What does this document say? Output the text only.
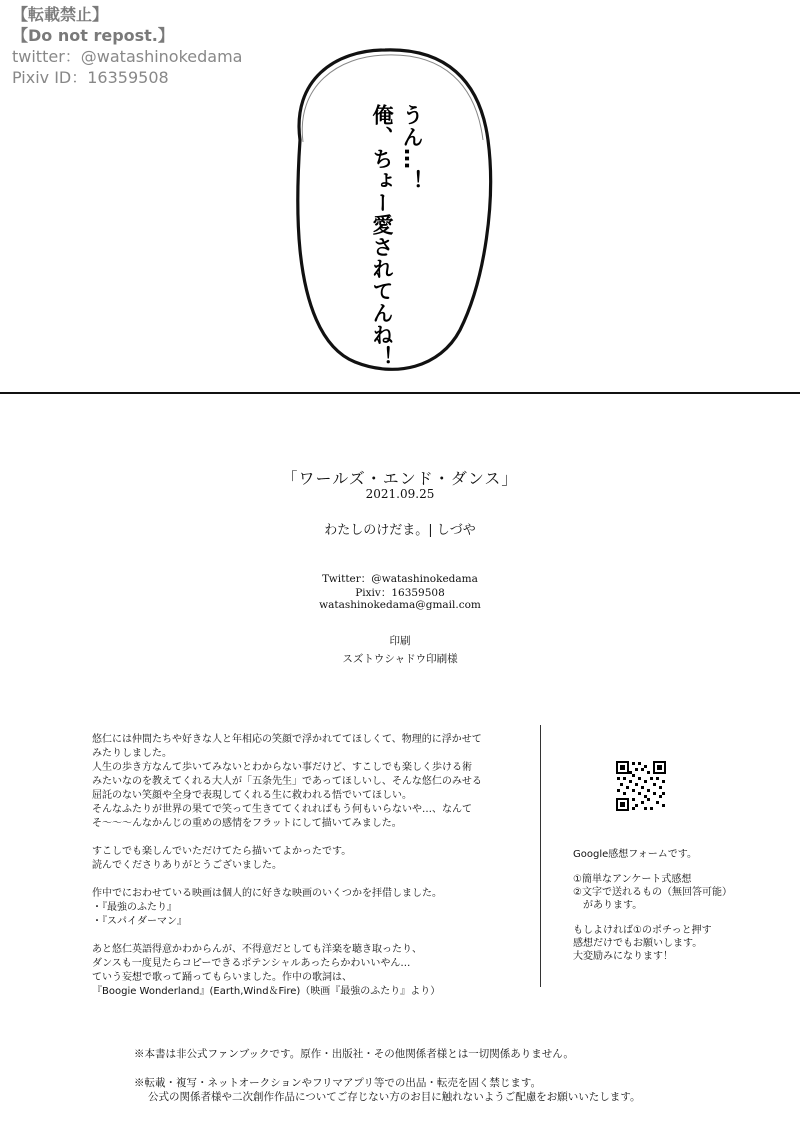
うん…！
俺、ちょー愛されてんね！
【転載禁止】
【Do not repost.】
twitter：@watashinokedama
Pixiv ID：16359508
「ワールズ・エンド・ダンス」
2021.09.25
わたしのけだま。| しづや
Twitter：@watashinokedama
Pixiv：16359508
watashinokedama@gmail.com
印刷
スズトウシャドウ印刷様

悠仁には仲間たちや好きな人と年相応の笑顔で浮かれててほしくて、物理的に浮かせて

みたりしました。

人生の歩き方なんて歩いてみないとわからない事だけど、すこしでも楽しく歩ける術

みたいなのを教えてくれる大人が「五条先生」であってほしいし、そんな悠仁のみせる

屈託のない笑顔や全身で表現してくれる生に救われる悟でいてほしい。

そんなふたりが世界の果てで笑って生きててくれればもう何もいらないや…、なんて

そ〜〜〜んなかんじの重めの感情をフラットにして描いてみました。

すこしでも楽しんでいただけてたら描いてよかったです。

読んでくださりありがとうございました。

作中でにおわせている映画は個人的に好きな映画のいくつかを拝借しました。

・『最強のふたり』

・『スパイダーマン』

あと悠仁英語得意かわからんが、不得意だとしても洋楽を聴き取ったり、

ダンスも一度見たらコピーできるポテンシャルあったらかわいいやん…

ていう妄想で歌って踊ってもらいました。作中の歌詞は、

『Boogie Wonderland』(Earth,Wind＆Fire)（映画『最強のふたり』より）

Google感想フォームです。
①簡単なアンケート式感想
②文字で送れるもの（無回答可能）
　があります。
もしよければ①のポチっと押す
感想だけでもお願いします。
大変励みになります！
※本書は非公式ファンブックです。原作・出版社・その他関係者様とは一切関係ありません。
※転載・複写・ネットオークションやフリマアプリ等での出品・転売を固く禁じます。
公式の関係者様や二次創作作品についてご存じない方のお目に触れないようご配慮をお願いいたします。
